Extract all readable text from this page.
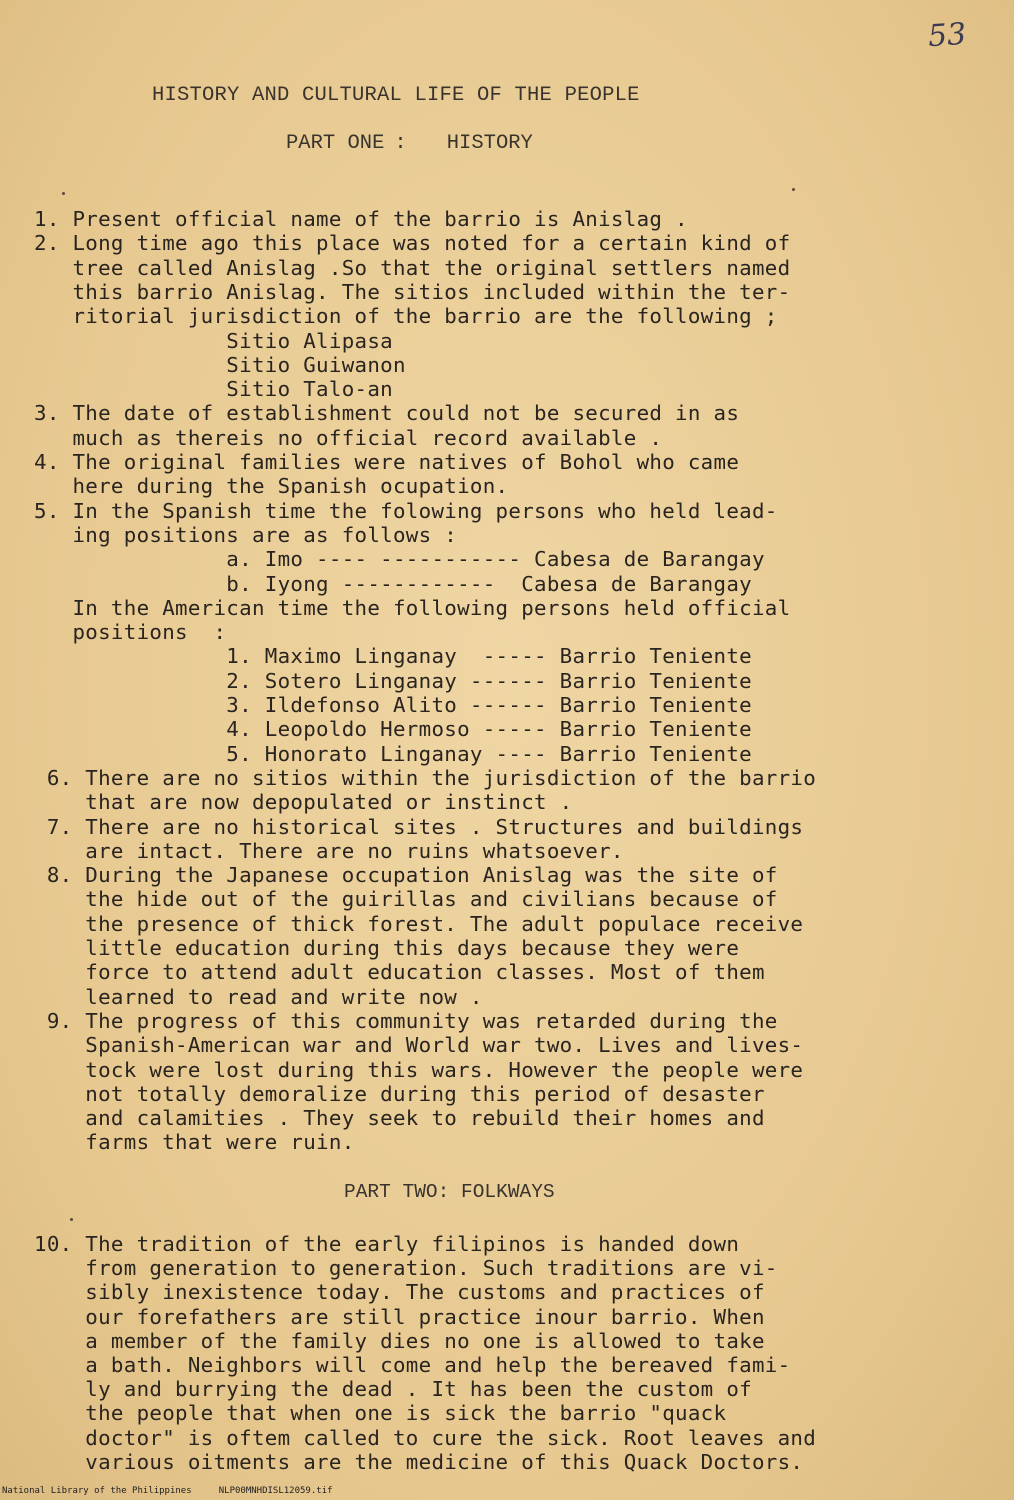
53
HISTORY AND CULTURAL LIFE OF THE PEOPLE
PART ONE : HISTORY
1. Present official name of the barrio is Anislag .
2. Long time ago this place was noted for a certain kind of
tree called Anislag .So that the original settlers named
this barrio Anislag. The sitios included within the ter-
ritorial jurisdiction of the barrio are the following ;
Sitio Alipasa
Sitio Guiwanon
Sitio Talo-an
3. The date of establishment could not be secured in as
much as thereis no official record available .
4. The original families were natives of Bohol who came
here during the Spanish ocupation.
5. In the Spanish time the folowing persons who held lead-
ing positions are as follows :
a. Imo ---- ----------- Cabesa de Barangay
b. Iyong ------------  Cabesa de Barangay
In the American time the following persons held official
positions  :
1. Maximo Linganay  ----- Barrio Teniente
2. Sotero Linganay ------ Barrio Teniente
3. Ildefonso Alito ------ Barrio Teniente
4. Leopoldo Hermoso ----- Barrio Teniente
5. Honorato Linganay ---- Barrio Teniente
6. There are no sitios within the jurisdiction of the barrio
that are now depopulated or instinct .
7. There are no historical sites . Structures and buildings
are intact. There are no ruins whatsoever.
8. During the Japanese occupation Anislag was the site of
the hide out of the guirillas and civilians because of
the presence of thick forest. The adult populace receive
little education during this days because they were
force to attend adult education classes. Most of them
learned to read and write now .
9. The progress of this community was retarded during the
Spanish-American war and World war two. Lives and lives-
tock were lost during this wars. However the people were
not totally demoralize during this period of desaster
and calamities . They seek to rebuild their homes and
farms that were ruin.
PART TWO: FOLKWAYS
10. The tradition of the early filipinos is handed down
from generation to generation. Such traditions are vi-
sibly inexistence today. The customs and practices of
our forefathers are still practice inour barrio. When
a member of the family dies no one is allowed to take
a bath. Neighbors will come and help the bereaved fami-
ly and burrying the dead . It has been the custom of
the people that when one is sick the barrio "quack
doctor" is oftem called to cure the sick. Root leaves and
various oitments are the medicine of this Quack Doctors.
National Library of the Philippines     NLP00MNHDISL12059.tif
